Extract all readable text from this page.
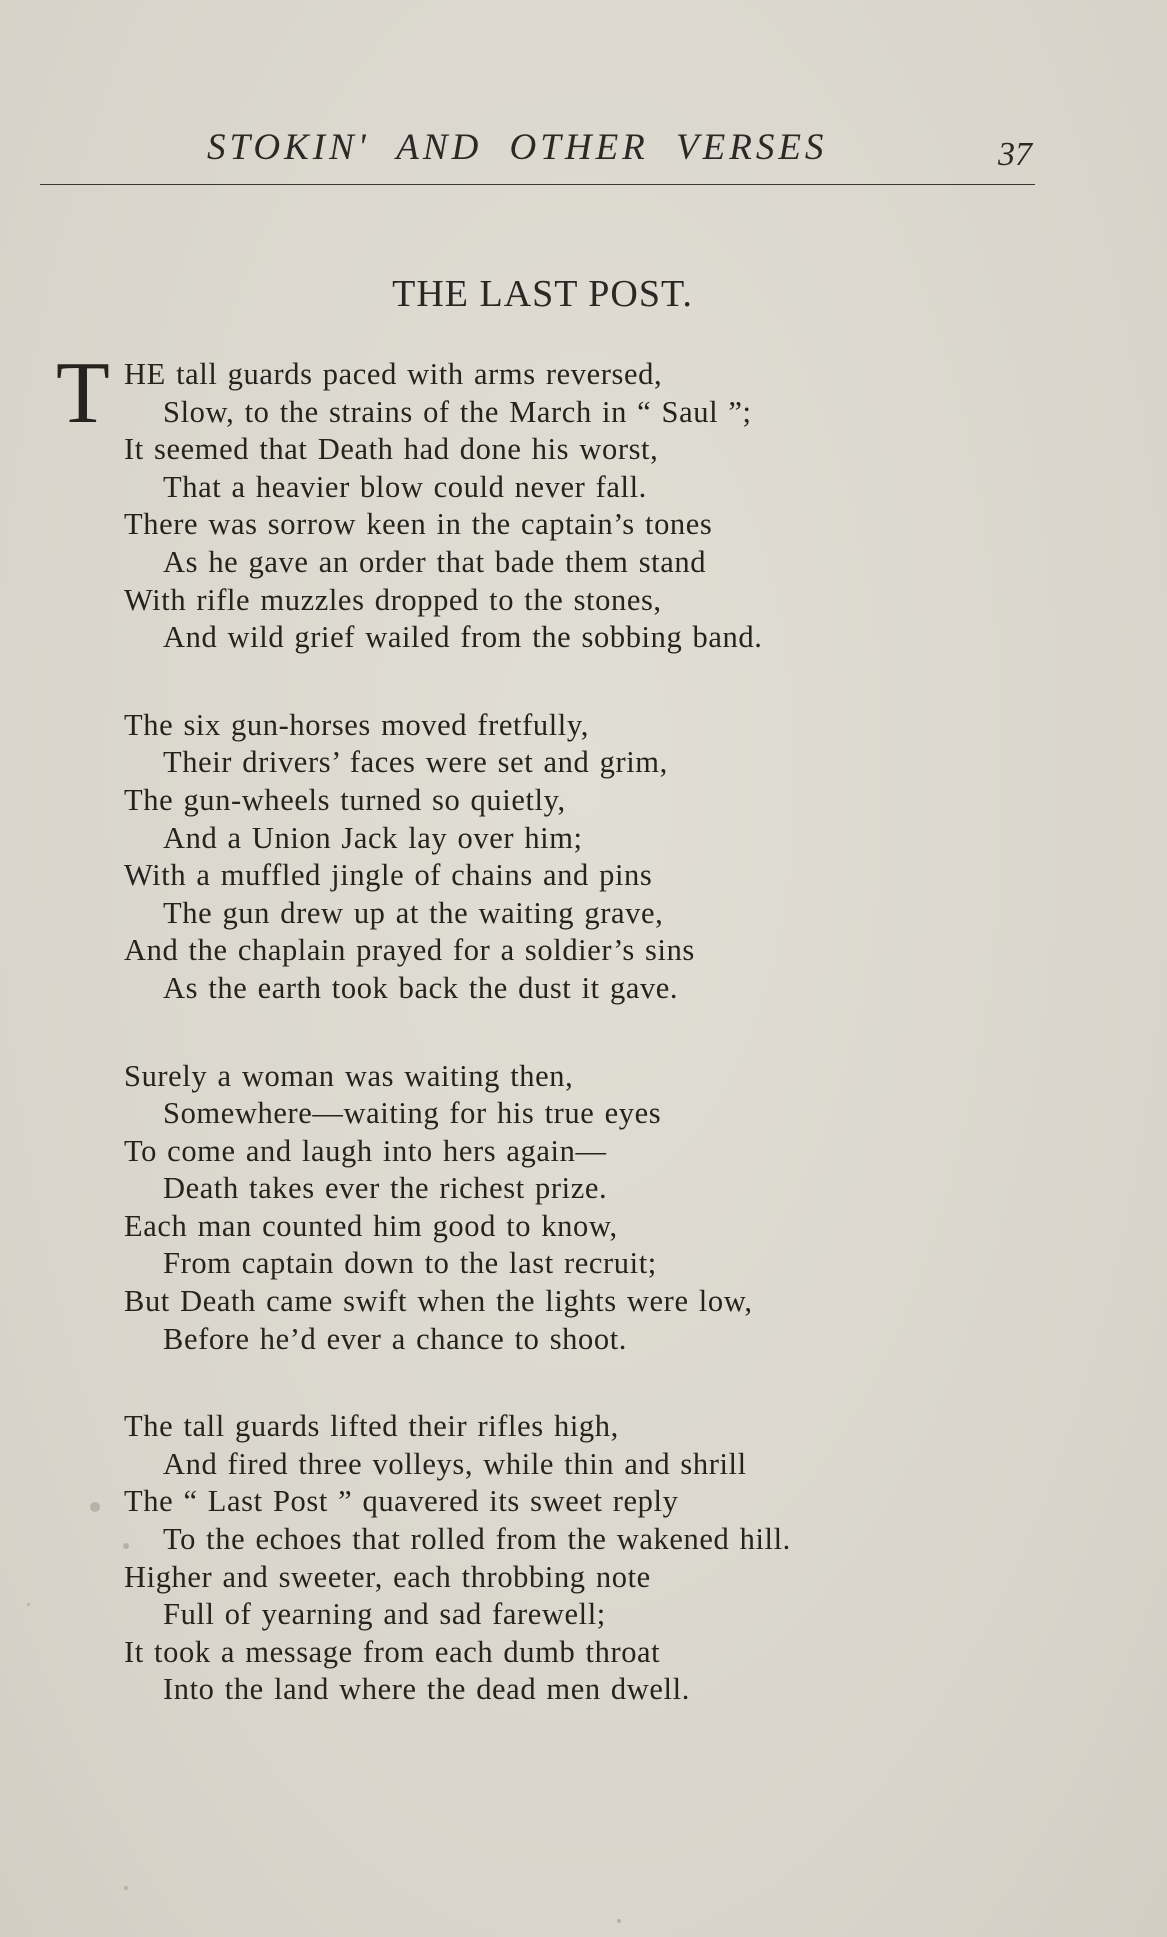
STOKIN' AND OTHER VERSES	37
THE LAST POST.
T HE tall guards paced with arms reversed,
Slow, to the strains of the March in “ Saul ”;
It seemed that Death had done his worst,
That a heavier blow could never fall.
There was sorrow keen in the captain’s tones
As he gave an order that bade them stand
With rifle muzzles dropped to the stones,
And wild grief wailed from the sobbing band.
The six gun-horses moved fretfully,
Their drivers’ faces were set and grim,
The gun-wheels turned so quietly,
And a Union Jack lay over him;
With a muffled jingle of chains and pins
The gun drew up at the waiting grave,
And the chaplain prayed for a soldier’s sins
As the earth took back the dust it gave.
Surely a woman was waiting then,
Somewhere—waiting for his true eyes
To come and laugh into hers again—
Death takes ever the richest prize.
Each man counted him good to know,
From captain down to the last recruit;
But Death came swift when the lights were low,
Before he’d ever a chance to shoot.
The tall guards lifted their rifles high,
And fired three volleys, while thin and shrill
The “ Last Post ” quavered its sweet reply
To the echoes that rolled from the wakened hill.
Higher and sweeter, each throbbing note
Full of yearning and sad farewell;
It took a message from each dumb throat
Into the land where the dead men dwell.
